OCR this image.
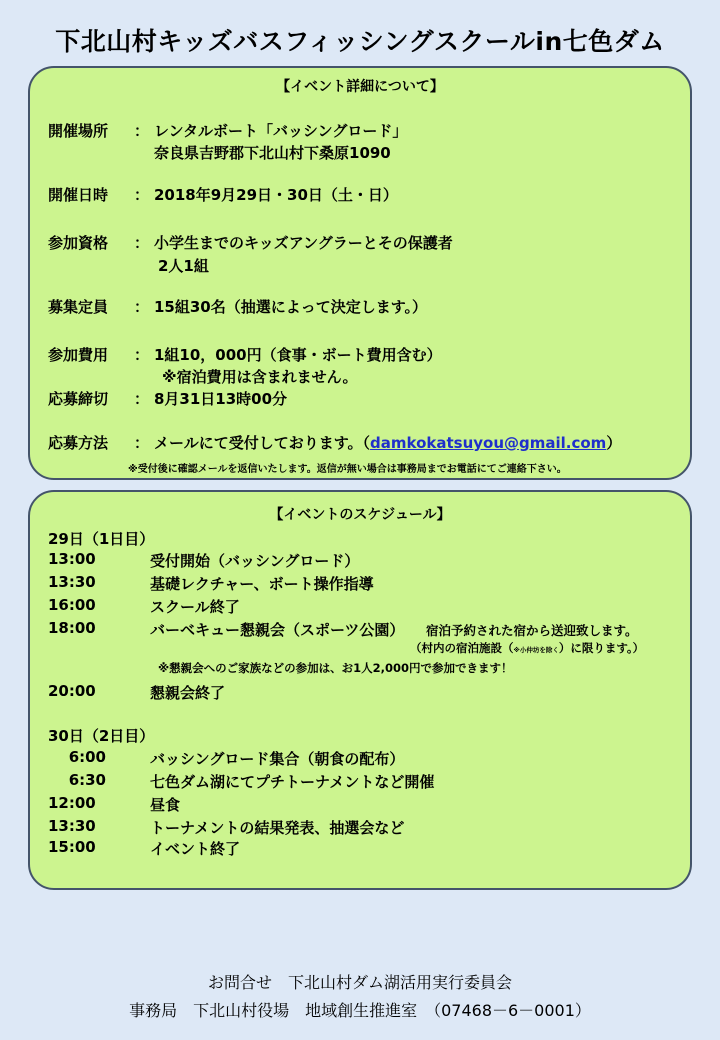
下北山村キッズバスフィッシングスクールin七色ダム
【イベント詳細について】
開催場所 ： レンタルボート「バッシングロード」
奈良県吉野郡下北山村下桑原1090
開催日時 ： 2018年9月29日・30日（土・日）
参加資格 ： 小学生までのキッズアングラーとその保護者
2人1組
募集定員 ： 15組30名（抽選によって決定します。）
参加費用 ： 1組10，000円（食事・ボート費用含む）
※宿泊費用は含まれません。
応募締切 ： 8月31日13時00分
応募方法 ： メールにて受付しております。（damkokatsuyou@gmail.com）
※受付後に確認メールを返信いたします。返信が無い場合は事務局までお電話にてご連絡下さい。
【イベントのスケジュール】
29日（1日目）
13:00	受付開始（バッシングロード）
13:30	基礎レクチャー、ボート操作指導
16:00	スクール終了
18:00	バーベキュー懇親会（スポーツ公園） 宿泊予約された宿から送迎致します。
（村内の宿泊施設（※小仲坊を除く）に限ります。）
※懇親会へのご家族などの参加は、お1人2,000円で参加できます！
20:00	懇親会終了
30日（2日目）
6:00	バッシングロード集合（朝食の配布）
6:30	七色ダム湖にてプチトーナメントなど開催
12:00	昼食
13:30	トーナメントの結果発表、抽選会など
15:00	イベント終了
お問合せ　下北山村ダム湖活用実行委員会
事務局　下北山村役場　地域創生推進室　（07468－6－0001）
